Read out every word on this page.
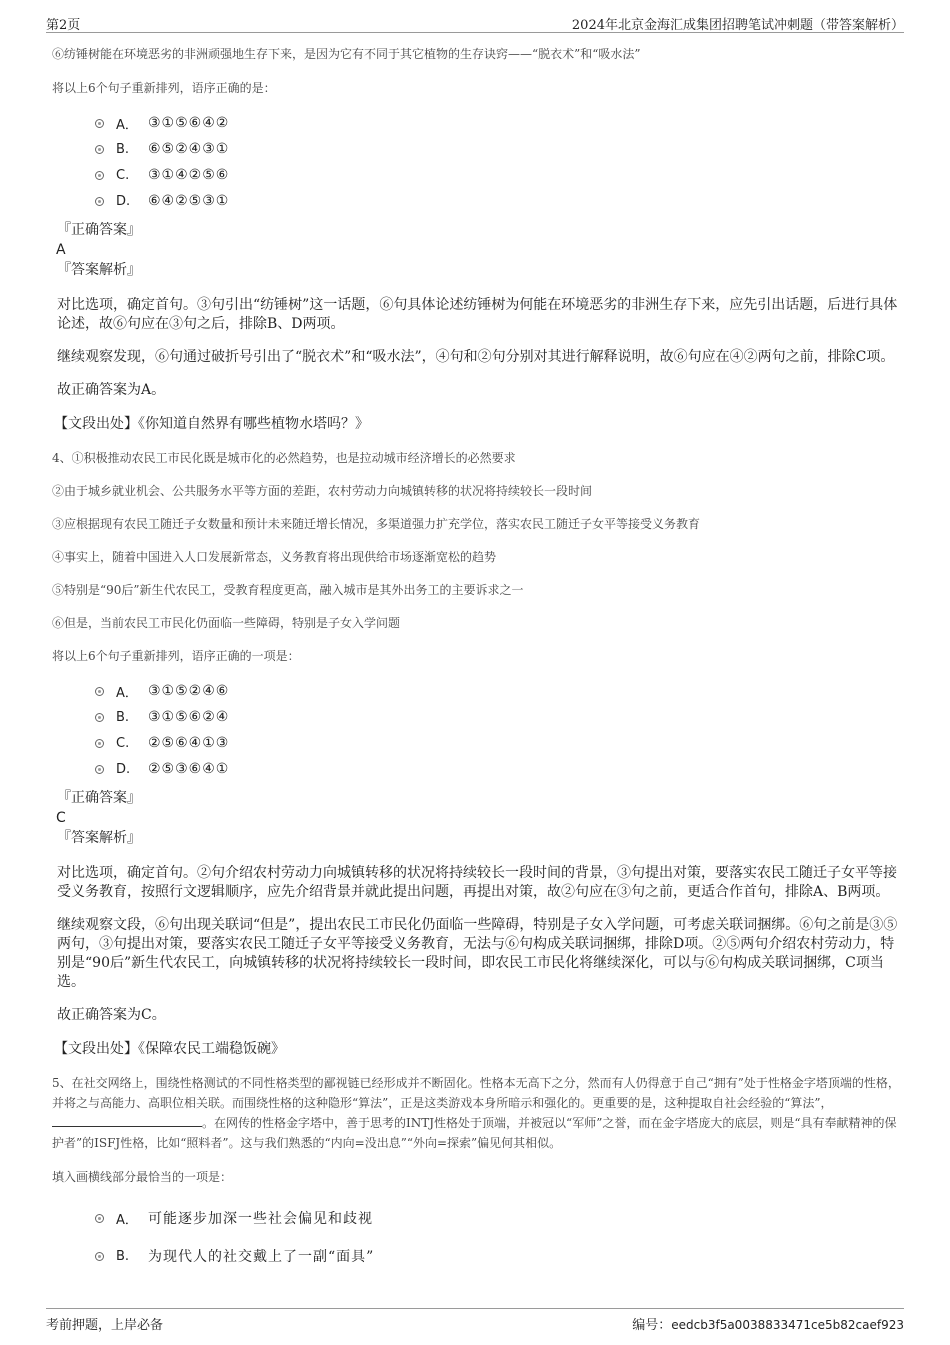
第2页	2024年北京金海汇成集团招聘笔试冲刺题（带答案解析）
⑥纺锤树能在环境恶劣的非洲顽强地生存下来，是因为它有不同于其它植物的生存诀窍——“脱衣术”和“吸水法”
将以上6个句子重新排列，语序正确的是：
A． ③①⑤⑥④②
B.	⑥⑤②④③①
C.	③①④②⑤⑥
D.	⑥④②⑤③①
『正确答案』
A
『答案解析』
对比选项，确定首句。③句引出“纺锤树”这一话题，⑥句具体论述纺锤树为何能在环境恶劣的非洲生存下来，应先引出话题，后进行具体论述，故⑥句应在③句之后，排除B、D两项。
继续观察发现，⑥句通过破折号引出了“脱衣术”和“吸水法”，④句和②句分别对其进行解释说明，故⑥句应在④②两句之前，排除C项。
故正确答案为A。
【文段出处】《你知道自然界有哪些植物水塔吗？》
4、①积极推动农民工市民化既是城市化的必然趋势，也是拉动城市经济增长的必然要求
②由于城乡就业机会、公共服务水平等方面的差距，农村劳动力向城镇转移的状况将持续较长一段时间
③应根据现有农民工随迁子女数量和预计未来随迁增长情况，多渠道强力扩充学位，落实农民工随迁子女平等接受义务教育
④事实上，随着中国进入人口发展新常态，义务教育将出现供给市场逐渐宽松的趋势
⑤特别是“90后”新生代农民工，受教育程度更高，融入城市是其外出务工的主要诉求之一
⑥但是，当前农民工市民化仍面临一些障碍，特别是子女入学问题
将以上6个句子重新排列，语序正确的一项是：
A． ③①⑤②④⑥
B.	③①⑤⑥②④
C.	②⑤⑥④①③
D.	②⑤③⑥④①
『正确答案』
C
『答案解析』
对比选项，确定首句。②句介绍农村劳动力向城镇转移的状况将持续较长一段时间的背景，③句提出对策，要落实农民工随迁子女平等接受义务教育，按照行文逻辑顺序，应先介绍背景并就此提出问题，再提出对策，故②句应在③句之前，更适合作首句，排除A、B两项。
继续观察文段，⑥句出现关联词“但是”，提出农民工市民化仍面临一些障碍，特别是子女入学问题，可考虑关联词捆绑。⑥句之前是③⑤两句，③句提出对策，要落实农民工随迁子女平等接受义务教育，无法与⑥句构成关联词捆绑，排除D项。②⑤两句介绍农村劳动力，特别是“90后”新生代农民工，向城镇转移的状况将持续较长一段时间，即农民工市民化将继续深化，可以与⑥句构成关联词捆绑，C项当选。
故正确答案为C。
【文段出处】《保障农民工端稳饭碗》
5、在社交网络上，围绕性格测试的不同性格类型的鄙视链已经形成并不断固化。性格本无高下之分，然而有人仍得意于自己“拥有”处于性格金字塔顶端的性格，并将之与高能力、高职位相关联。而围绕性格的这种隐形“算法”，正是这类游戏本身所暗示和强化的。更重要的是，这种提取自社会经验的“算法”，。在网传的性格金字塔中，善于思考的INTJ性格处于顶端，并被冠以“军师”之誉，而在金字塔庞大的底层，则是“具有奉献精神的保护者”的ISFJ性格，比如“照料者”。这与我们熟悉的“内向=没出息”“外向=探索”偏见何其相似。
填入画横线部分最恰当的一项是：
A． 可能逐步加深一些社会偏见和歧视
B.	为现代人的社交戴上了一副“面具”
考前押题，上岸必备	编号：eedcb3f5a0038833471ce5b82caef923
